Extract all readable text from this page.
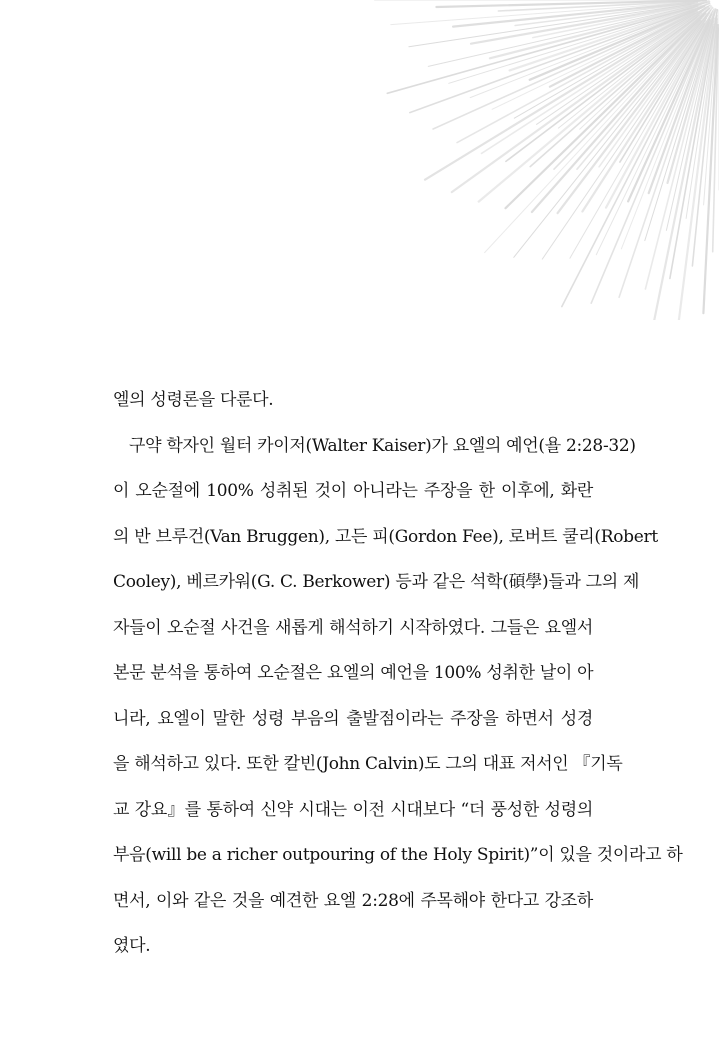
엘의 성령론을 다룬다.
구약 학자인 월터 카이저(Walter Kaiser)가 요엘의 예언(욜 2:28-32)
이 오순절에 100% 성취된 것이 아니라는 주장을 한 이후에, 화란
의 반 브루건(Van Bruggen), 고든 피(Gordon Fee), 로버트 쿨리(Robert
Cooley), 베르카워(G. C. Berkower) 등과 같은 석학(碩學)들과 그의 제
자들이 오순절 사건을 새롭게 해석하기 시작하였다. 그들은 요엘서
본문 분석을 통하여 오순절은 요엘의 예언을 100% 성취한 날이 아
니라, 요엘이 말한 성령 부음의 출발점이라는 주장을 하면서 성경
을 해석하고 있다. 또한 칼빈(John Calvin)도 그의 대표 저서인 『기독
교 강요』를 통하여 신약 시대는 이전 시대보다 “더 풍성한 성령의
부음(will be a richer outpouring of the Holy Spirit)”이 있을 것이라고 하
면서, 이와 같은 것을 예견한 요엘 2:28에 주목해야 한다고 강조하
였다.
